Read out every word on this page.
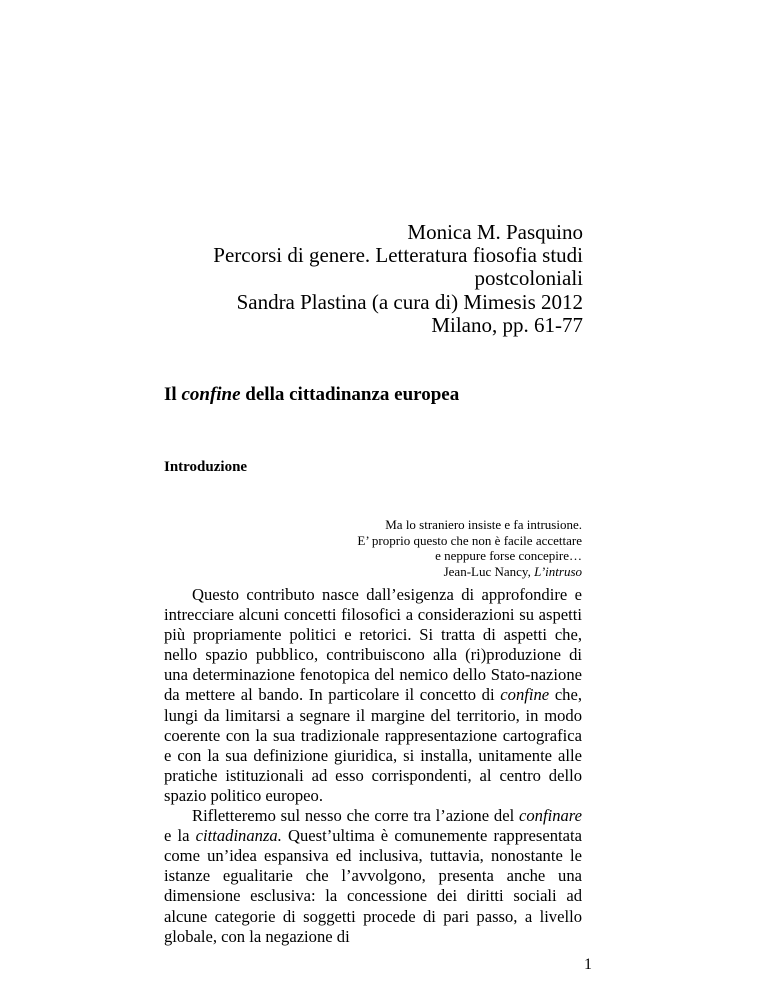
Monica M. Pasquino
Percorsi di genere. Letteratura fiosofia studi
postcoloniali
Sandra Plastina (a cura di) Mimesis 2012
Milano, pp. 61-77
Il confine della cittadinanza europea
Introduzione
Ma lo straniero insiste e fa intrusione.
E’ proprio questo che non è facile accettare
e neppure forse concepire…
Jean-Luc Nancy, L’intruso

Questo contributo nasce dall’esigenza di approfondire e intrecciare alcuni concetti filosofici a considerazioni su aspetti più propriamente politici e retorici. Si tratta di aspetti che, nello spazio pubblico, contribuiscono alla (ri)produzione di una determinazione fenotopica del nemico dello Stato-nazione da mettere al bando. In particolare il concetto di confine che, lungi da limitarsi a segnare il margine del territorio, in modo coerente con la sua tradizionale rappresentazione cartografica e con la sua definizione giuridica, si installa, unitamente alle pratiche istituzionali ad esso corrispondenti, al centro dello spazio politico europeo.

Rifletteremo sul nesso che corre tra l’azione del confinare e la cittadinanza. Quest’ultima è comunemente rappresentata come un’idea espansiva ed inclusiva, tuttavia, nonostante le istanze egualitarie che l’avvolgono, presenta anche una dimensione esclusiva: la concessione dei diritti sociali ad alcune categorie di soggetti procede di pari passo, a livello globale, con la negazione di

1
